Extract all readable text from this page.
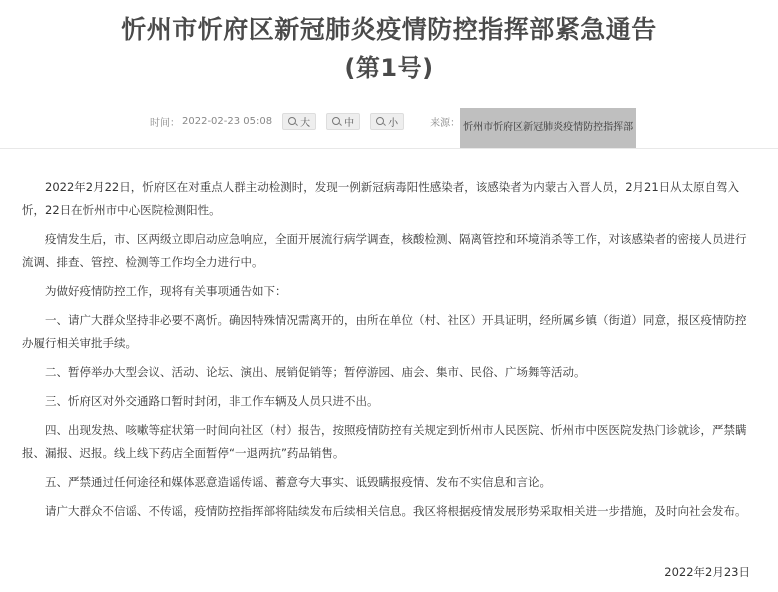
忻州市忻府区新冠肺炎疫情防控指挥部紧急通告
(第1号)
时间： 2022-02-23 05:08	大	中	小	来源： 忻州市忻府区新冠肺炎疫情防控指挥部

2022年2月22日，忻府区在对重点人群主动检测时，发现一例新冠病毒阳性感染者，该感染者为内蒙古入晋人员，2月21日从太原自驾入忻，22日在忻州市中心医院检测阳性。

疫情发生后，市、区两级立即启动应急响应，全面开展流行病学调查，核酸检测、隔离管控和环境消杀等工作，对该感染者的密接人员进行流调、排查、管控、检测等工作均全力进行中。

为做好疫情防控工作，现将有关事项通告如下：

一、请广大群众坚持非必要不离忻。确因特殊情况需离开的，由所在单位（村、社区）开具证明，经所属乡镇（街道）同意，报区疫情防控办履行相关审批手续。

二、暂停举办大型会议、活动、论坛、演出、展销促销等；暂停游园、庙会、集市、民俗、广场舞等活动。

三、忻府区对外交通路口暂时封闭，非工作车辆及人员只进不出。

四、出现发热、咳嗽等症状第一时间向社区（村）报告，按照疫情防控有关规定到忻州市人民医院、忻州市中医医院发热门诊就诊，严禁瞒报、漏报、迟报。线上线下药店全面暂停“一退两抗”药品销售。

五、严禁通过任何途径和媒体恶意造谣传谣、蓄意夸大事实、诋毁瞒报疫情、发布不实信息和言论。

请广大群众不信谣、不传谣，疫情防控指挥部将陆续发布后续相关信息。我区将根据疫情发展形势采取相关进一步措施，及时向社会发布。

2022年2月23日
